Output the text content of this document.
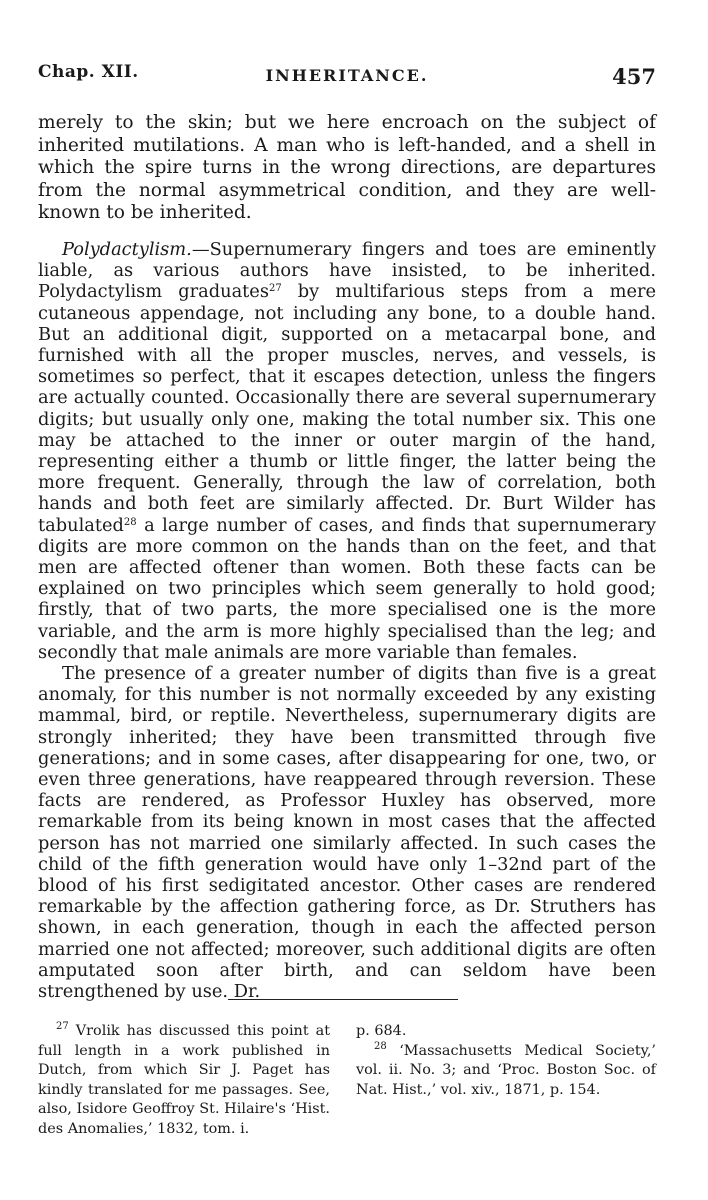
Chap. XII.	INHERITANCE.	457

merely to the skin; but we here encroach on the subject of inherited mutilations. A man who is left-handed, and a shell in which the spire turns in the wrong directions, are departures from the normal asymmetrical condition, and they are well-known to be inherited.

Polydactylism.—Supernumerary fingers and toes are eminently liable, as various authors have insisted, to be inherited. Polydactylism graduates$^{27}$ by multifarious steps from a mere cutaneous appendage, not including any bone, to a double hand. But an additional digit, supported on a metacarpal bone, and furnished with all the proper muscles, nerves, and vessels, is sometimes so perfect, that it escapes detection, unless the fingers are actually counted. Occasionally there are several supernumerary digits; but usually only one, making the total number six. This one may be attached to the inner or outer margin of the hand, representing either a thumb or little finger, the latter being the more frequent. Generally, through the law of correlation, both hands and both feet are similarly affected. Dr. Burt Wilder has tabulated$^{28}$ a large number of cases, and finds that supernumerary digits are more common on the hands than on the feet, and that men are affected oftener than women. Both these facts can be explained on two principles which seem generally to hold good; firstly, that of two parts, the more specialised one is the more variable, and the arm is more highly specialised than the leg; and secondly that male animals are more variable than females.

The presence of a greater number of digits than five is a great anomaly, for this number is not normally exceeded by any existing mammal, bird, or reptile. Nevertheless, supernumerary digits are strongly inherited; they have been transmitted through five generations; and in some cases, after disappearing for one, two, or even three generations, have reappeared through reversion. These facts are rendered, as Professor Huxley has observed, more remarkable from its being known in most cases that the affected person has not married one similarly affected. In such cases the child of the fifth generation would have only 1–32nd part of the blood of his first sedigitated ancestor. Other cases are rendered remarkable by the affection gathering force, as Dr. Struthers has shown, in each generation, though in each the affected person married one not affected; moreover, such additional digits are often amputated soon after birth, and can seldom have been strengthened by use. Dr.

$^{27}$ Vrolik has discussed this point at full length in a work published in Dutch, from which Sir J. Paget has kindly translated for me passages. See, also, Isidore Geoffroy St. Hilaire's ‘Hist. des Anomalies,’ 1832, tom. i.

p. 684.

$^{28}$ ‘Massachusetts Medical Society,’ vol. ii. No. 3; and ‘Proc. Boston Soc. of Nat. Hist.,’ vol. xiv., 1871, p. 154.
